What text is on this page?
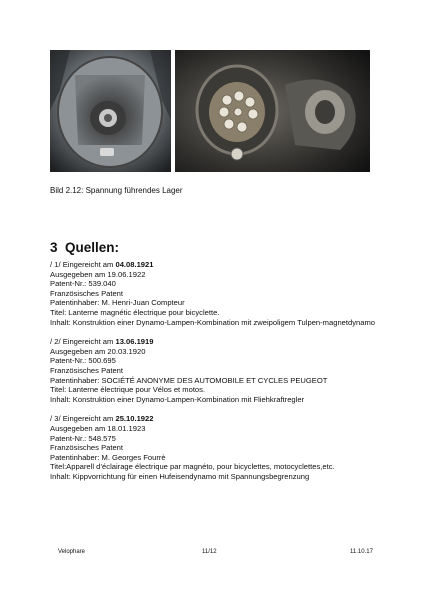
Bild 2.12: Spannung führendes Lager
3 Quellen:
/ 1/ Eingereicht am 04.08.1921
Ausgegeben am 19.06.1922
Patent-Nr.: 539.040
Französisches Patent
Patentinhaber: M. Henri-Juan Compteur
Titel: Lanterne magnétic électrique pour bicyclette.
Inhalt: Konstruktion einer Dynamo-Lampen-Kombination mit zweipoligem Tulpen-magnetdynamo
/ 2/ Eingereicht am 13.06.1919
Ausgegeben am 20.03.1920
Patent-Nr.: 500.695
Französisches Patent
Patentinhaber: SOCIÉTÉ ANONYME DES AUTOMOBILE ET CYCLES PEUGEOT
Titel: Lanterne électrique pour Vélos et motos.
Inhalt: Konstruktion einer Dynamo-Lampen-Kombination mit Fliehkraftregler
/ 3/ Eingereicht am 25.10.1922
Ausgegeben am 18.01.1923
Patent-Nr.: 548.575
Französisches Patent
Patentinhaber: M. Georges Fourrè
Titel:Apparell d’éclairage électrique par magnéto, pour bicyclettes, motocyclettes,etc.
Inhalt: Kippvorrichtung für einen Hufeisendynamo mit Spannungsbegrenzung
Velophare	11/12	11.10.17
